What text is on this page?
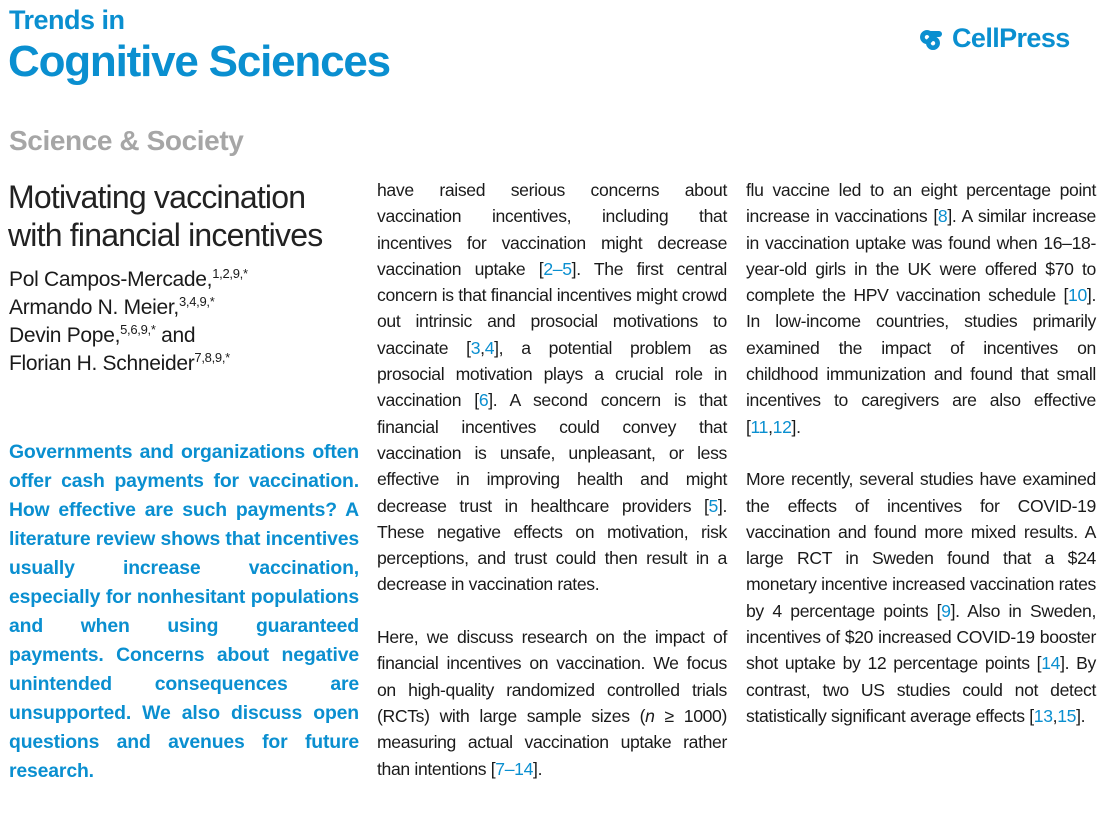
Trends in
Cognitive Sciences	CellPress
Science & Society
Motivating vaccination with financial incentives
Pol Campos-Mercade,$^{1,2,9,*}$
Armando N. Meier,$^{3,4,9,*}$
Devin Pope,$^{5,6,9,*}$ and
Florian H. Schneider$^{7,8,9,*}$

Governments and organizations often offer cash payments for vaccination. How effective are such payments? A literature review shows that incentives usually increase vaccination, especially for nonhesitant populations and when using guaranteed payments. Concerns about negative unintended consequences are unsupported. We also discuss open questions and avenues for future research.

have raised serious concerns about vaccination incentives, including that incentives for vaccination might decrease vaccination uptake [2–5]. The first central concern is that financial incentives might crowd out intrinsic and prosocial motivations to vaccinate [3,4], a potential problem as prosocial motivation plays a crucial role in vaccination [6]. A second concern is that financial incentives could convey that vaccination is unsafe, unpleasant, or less effective in improving health and might decrease trust in healthcare providers [5]. These negative effects on motivation, risk perceptions, and trust could then result in a decrease in vaccination rates.

Here, we discuss research on the impact of financial incentives on vaccination. We focus on high-quality randomized controlled trials (RCTs) with large sample sizes (n ≥ 1000) measuring actual vaccination uptake rather than intentions [7–14].

flu vaccine led to an eight percentage point increase in vaccinations [8]. A similar increase in vaccination uptake was found when 16–18-year-old girls in the UK were offered $70 to complete the HPV vaccination schedule [10]. In low-income countries, studies primarily examined the impact of incentives on childhood immunization and found that small incentives to caregivers are also effective [11,12].

More recently, several studies have examined the effects of incentives for COVID-19 vaccination and found more mixed results. A large RCT in Sweden found that a $24 monetary incentive increased vaccination rates by 4 percentage points [9]. Also in Sweden, incentives of $20 increased COVID-19 booster shot uptake by 12 percentage points [14]. By contrast, two US studies could not detect statistically significant average effects [13,15].
